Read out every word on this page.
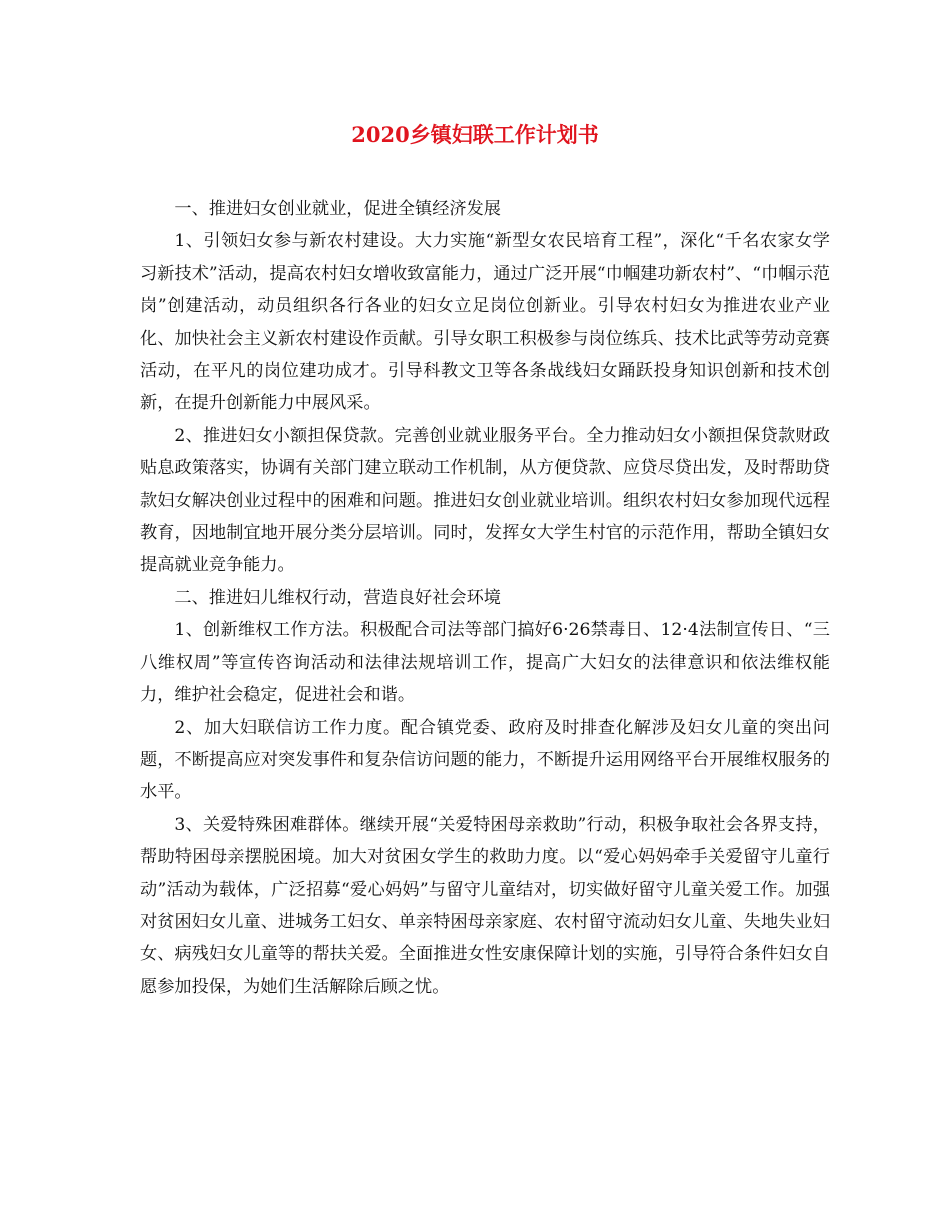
2020乡镇妇联工作计划书

一、推进妇女创业就业，促进全镇经济发展

1、引领妇女参与新农村建设。大力实施“新型女农民培育工程”，深化“千名农家女学习新技术”活动，提高农村妇女增收致富能力，通过广泛开展“巾帼建功新农村”、“巾帼示范岗”创建活动，动员组织各行各业的妇女立足岗位创新业。引导农村妇女为推进农业产业化、加快社会主义新农村建设作贡献。引导女职工积极参与岗位练兵、技术比武等劳动竞赛活动，在平凡的岗位建功成才。引导科教文卫等各条战线妇女踊跃投身知识创新和技术创新，在提升创新能力中展风采。

2、推进妇女小额担保贷款。完善创业就业服务平台。全力推动妇女小额担保贷款财政贴息政策落实，协调有关部门建立联动工作机制，从方便贷款、应贷尽贷出发，及时帮助贷款妇女解决创业过程中的困难和问题。推进妇女创业就业培训。组织农村妇女参加现代远程教育，因地制宜地开展分类分层培训。同时，发挥女大学生村官的示范作用，帮助全镇妇女提高就业竞争能力。

二、推进妇儿维权行动，营造良好社会环境

1、创新维权工作方法。积极配合司法等部门搞好6·26禁毒日、12·4法制宣传日、“三八维权周”等宣传咨询活动和法律法规培训工作，提高广大妇女的法律意识和依法维权能力，维护社会稳定，促进社会和谐。

2、加大妇联信访工作力度。配合镇党委、政府及时排查化解涉及妇女儿童的突出问题，不断提高应对突发事件和复杂信访问题的能力，不断提升运用网络平台开展维权服务的水平。

3、关爱特殊困难群体。继续开展“关爱特困母亲救助”行动，积极争取社会各界支持，帮助特困母亲摆脱困境。加大对贫困女学生的救助力度。以“爱心妈妈牵手关爱留守儿童行动”活动为载体，广泛招募“爱心妈妈”与留守儿童结对，切实做好留守儿童关爱工作。加强对贫困妇女儿童、进城务工妇女、单亲特困母亲家庭、农村留守流动妇女儿童、失地失业妇女、病残妇女儿童等的帮扶关爱。全面推进女性安康保障计划的实施，引导符合条件妇女自愿参加投保，为她们生活解除后顾之忧。
